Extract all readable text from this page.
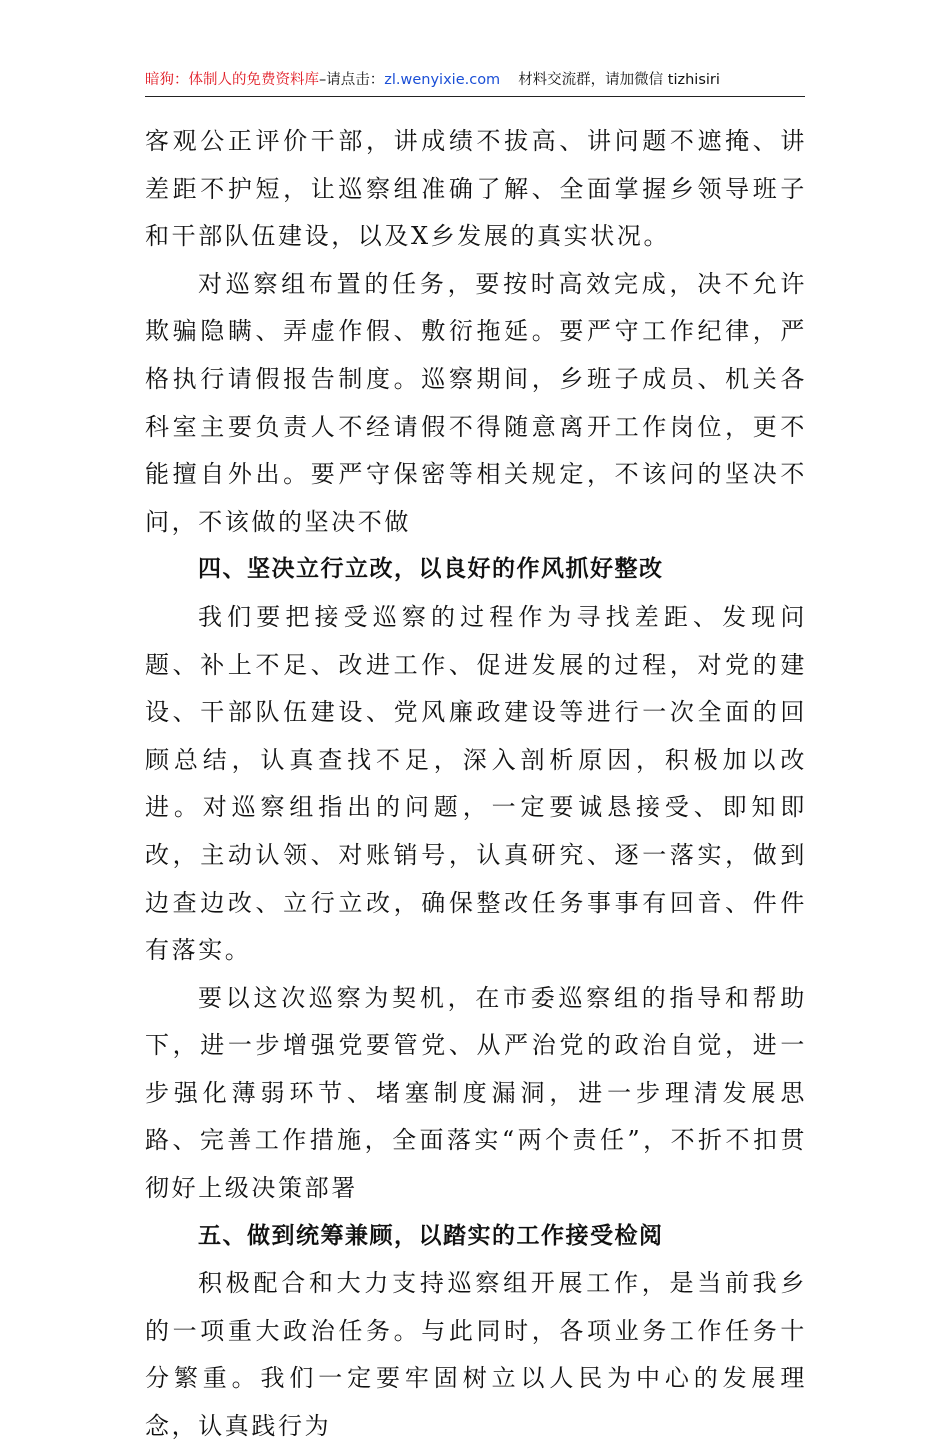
暗狗：体制人的免费资料库–请点击：zl.wenyixie.com 材料交流群，请加微信 tizhisiri

客观公正评价干部，讲成绩不拔高、讲问题不遮掩、讲差距不护短，让巡察组准确了解、全面掌握乡领导班子和干部队伍建设，以及X乡发展的真实状况。

对巡察组布置的任务，要按时高效完成，决不允许欺骗隐瞒、弄虚作假、敷衍拖延。要严守工作纪律，严格执行请假报告制度。巡察期间，乡班子成员、机关各科室主要负责人不经请假不得随意离开工作岗位，更不能擅自外出。要严守保密等相关规定，不该问的坚决不问，不该做的坚决不做

四、坚决立行立改，以良好的作风抓好整改

我们要把接受巡察的过程作为寻找差距、发现问题、补上不足、改进工作、促进发展的过程，对党的建设、干部队伍建设、党风廉政建设等进行一次全面的回顾总结，认真查找不足，深入剖析原因，积极加以改进。对巡察组指出的问题，一定要诚恳接受、即知即改，主动认领、对账销号，认真研究、逐一落实，做到边查边改、立行立改，确保整改任务事事有回音、件件有落实。

要以这次巡察为契机，在市委巡察组的指导和帮助下，进一步增强党要管党、从严治党的政治自觉，进一步强化薄弱环节、堵塞制度漏洞，进一步理清发展思路、完善工作措施，全面落实“两个责任”，不折不扣贯彻好上级决策部署

五、做到统筹兼顾，以踏实的工作接受检阅

积极配合和大力支持巡察组开展工作，是当前我乡的一项重大政治任务。与此同时，各项业务工作任务十分繁重。我们一定要牢固树立以人民为中心的发展理念，认真践行为
